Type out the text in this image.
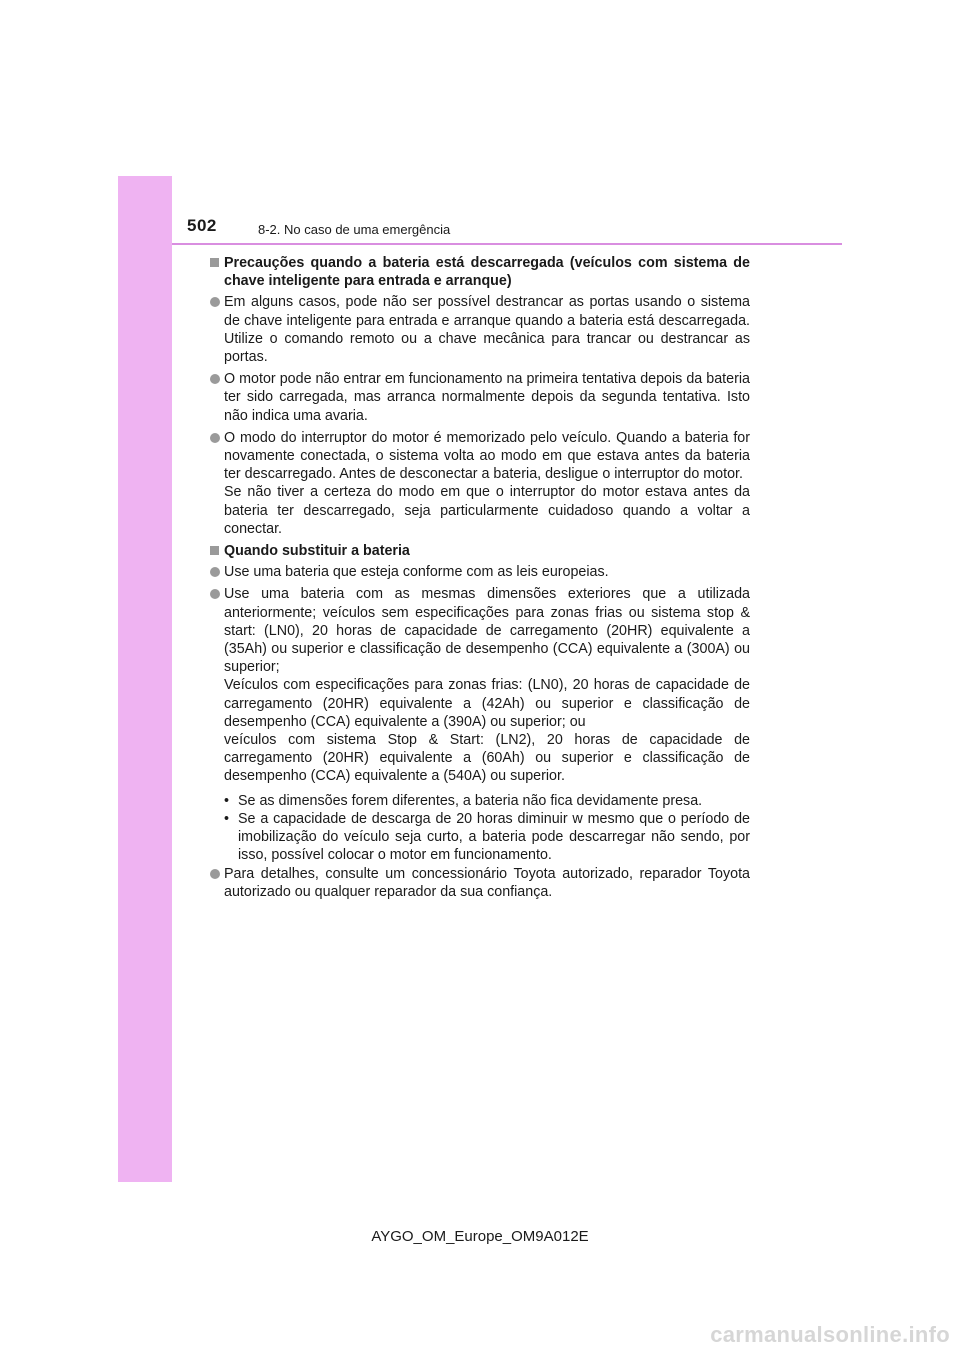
502	8-2. No caso de uma emergência
Precauções quando a bateria está descarregada (veículos com sistema de chave inteligente para entrada e arranque)

Em alguns casos, pode não ser possível destrancar as portas usando o sistema de chave inteligente para entrada e arranque quando a bateria está descarregada. Utilize o comando remoto ou a chave mecânica para trancar ou destrancar as portas.

O motor pode não entrar em funcionamento na primeira tentativa depois da bateria ter sido carregada, mas arranca normalmente depois da segunda tentativa. Isto não indica uma avaria.

O modo do interruptor do motor é memorizado pelo veículo. Quando a bateria for novamente conectada, o sistema volta ao modo em que estava antes da bateria ter descarregado. Antes de desconectar a bateria, desligue o interruptor do motor.

Se não tiver a certeza do modo em que o interruptor do motor estava antes da bateria ter descarregado, seja particularmente cuidadoso quando a voltar a conectar.

Quando substituir a bateria

Use uma bateria que esteja conforme com as leis europeias.

Use uma bateria com as mesmas dimensões exteriores que a utilizada anteriormente; veículos sem especificações para zonas frias ou sistema stop & start: (LN0), 20 horas de capacidade de carregamento (20HR) equivalente a (35Ah) ou superior e classificação de desempenho (CCA) equivalente a (300A) ou superior;

Veículos com especificações para zonas frias: (LN0), 20 horas de capacidade de carregamento (20HR) equivalente a (42Ah) ou superior e classificação de desempenho (CCA) equivalente a (390A) ou superior; ou

veículos com sistema Stop & Start: (LN2), 20 horas de capacidade de carregamento (20HR) equivalente a (60Ah) ou superior e classificação de desempenho (CCA) equivalente a (540A) ou superior.

• Se as dimensões forem diferentes, a bateria não fica devidamente presa.
• Se a capacidade de descarga de 20 horas diminuir w mesmo que o período de imobilização do veículo seja curto, a bateria pode descarregar não sendo, por isso, possível colocar o motor em funcionamento.

Para detalhes, consulte um concessionário Toyota autorizado, reparador Toyota autorizado ou qualquer reparador da sua confiança.

AYGO_OM_Europe_OM9A012E
carmanualsonline.info
